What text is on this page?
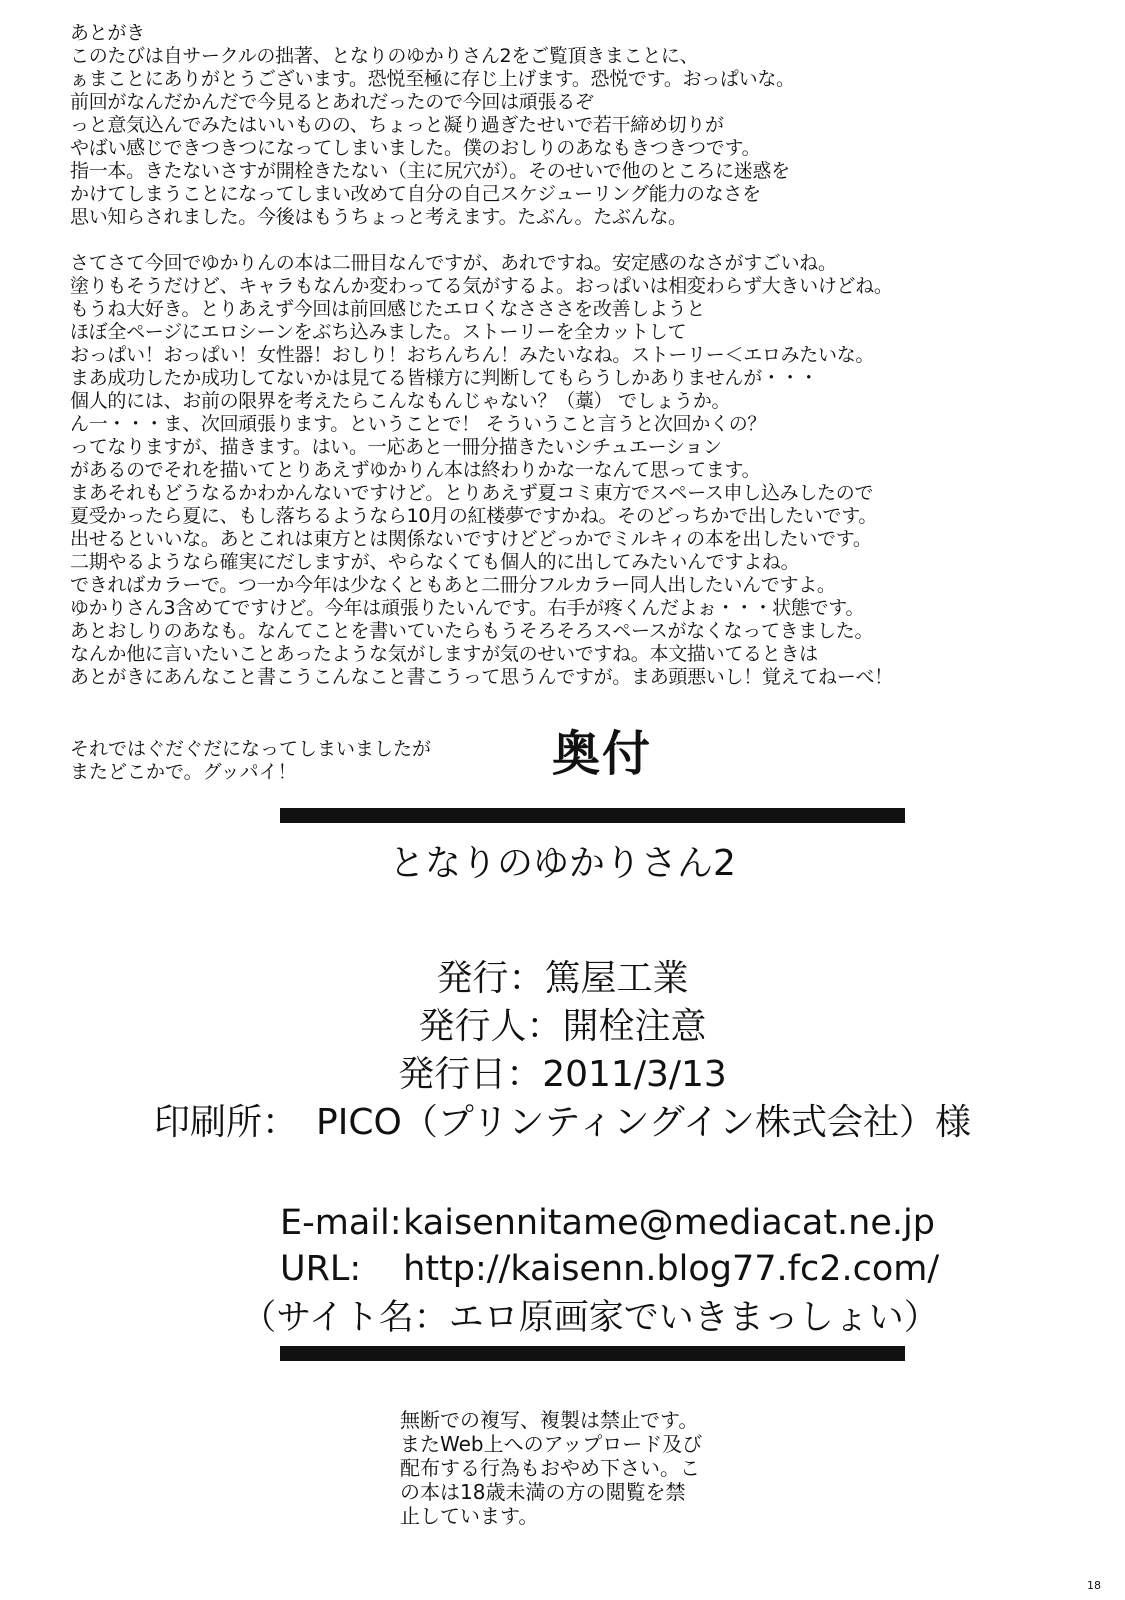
あとがき
このたびは自サークルの拙著、となりのゆかりさん2をご覧頂きまことに、
ぁまことにありがとうございます。恐悦至極に存じ上げます。恐悦です。おっぱいな。
前回がなんだかんだで今見るとあれだったので今回は頑張るぞ
っと意気込んでみたはいいものの、ちょっと凝り過ぎたせいで若干締め切りが
やばい感じできつきつになってしまいました。僕のおしりのあなもきつきつです。
指一本。きたないさすが開栓きたない（主に尻穴が）。そのせいで他のところに迷惑を
かけてしまうことになってしまい改めて自分の自己スケジューリング能力のなさを
思い知らされました。今後はもうちょっと考えます。たぶん。たぶんな。
さてさて今回でゆかりんの本は二冊目なんですが、あれですね。安定感のなさがすごいね。
塗りもそうだけど、キャラもなんか変わってる気がするよ。おっぱいは相変わらず大きいけどね。
もうね大好き。とりあえず今回は前回感じたエロくなさささを改善しようと
ほぼ全ページにエロシーンをぶち込みました。ストーリーを全カットして
おっぱい！おっぱい！女性器！おしり！おちんちん！みたいなね。ストーリー＜エロみたいな。
まあ成功したか成功してないかは見てる皆様方に判断してもらうしかありませんが・・・
個人的には、お前の限界を考えたらこんなもんじゃない？（藁） でしょうか。
ん一・・・ま、次回頑張ります。ということで！ そういうこと言うと次回かくの？
ってなりますが、描きます。はい。一応あと一冊分描きたいシチュエーション
があるのでそれを描いてとりあえずゆかりん本は終わりかな一なんて思ってます。
まあそれもどうなるかわかんないですけど。とりあえず夏コミ東方でスペース申し込みしたので
夏受かったら夏に、もし落ちるようなら10月の紅楼夢ですかね。そのどっちかで出したいです。
出せるといいな。あとこれは東方とは関係ないですけどどっかでミルキィの本を出したいです。
二期やるようなら確実にだしますが、やらなくても個人的に出してみたいんですよね。
できればカラーで。つ一か今年は少なくともあと二冊分フルカラー同人出したいんですよ。
ゆかりさん3含めてですけど。今年は頑張りたいんです。右手が疼くんだよぉ・・・状態です。
あとおしりのあなも。なんてことを書いていたらもうそろそろスペースがなくなってきました。
なんか他に言いたいことあったような気がしますが気のせいですね。本文描いてるときは
あとがきにあんなこと書こうこんなこと書こうって思うんですが。まあ頭悪いし！覚えてねーべ！
それではぐだぐだになってしまいましたが
またどこかで。グッパイ！	奥付
となりのゆかりさん2
発行：篤屋工業
発行人：開栓注意
発行日：2011/3/13
印刷所：　PICO（プリンティングイン株式会社）様
E-mail: kaisennitame@mediacat.ne.jp
URL: http://kaisenn.blog77.fc2.com/
（サイト名：エロ原画家でいきまっしょい）
無断での複写、複製は禁止です。
またWeb上へのアップロード及び
配布する行為もおやめ下さい。こ
の本は18歳未満の方の閲覧を禁
止しています。
18
